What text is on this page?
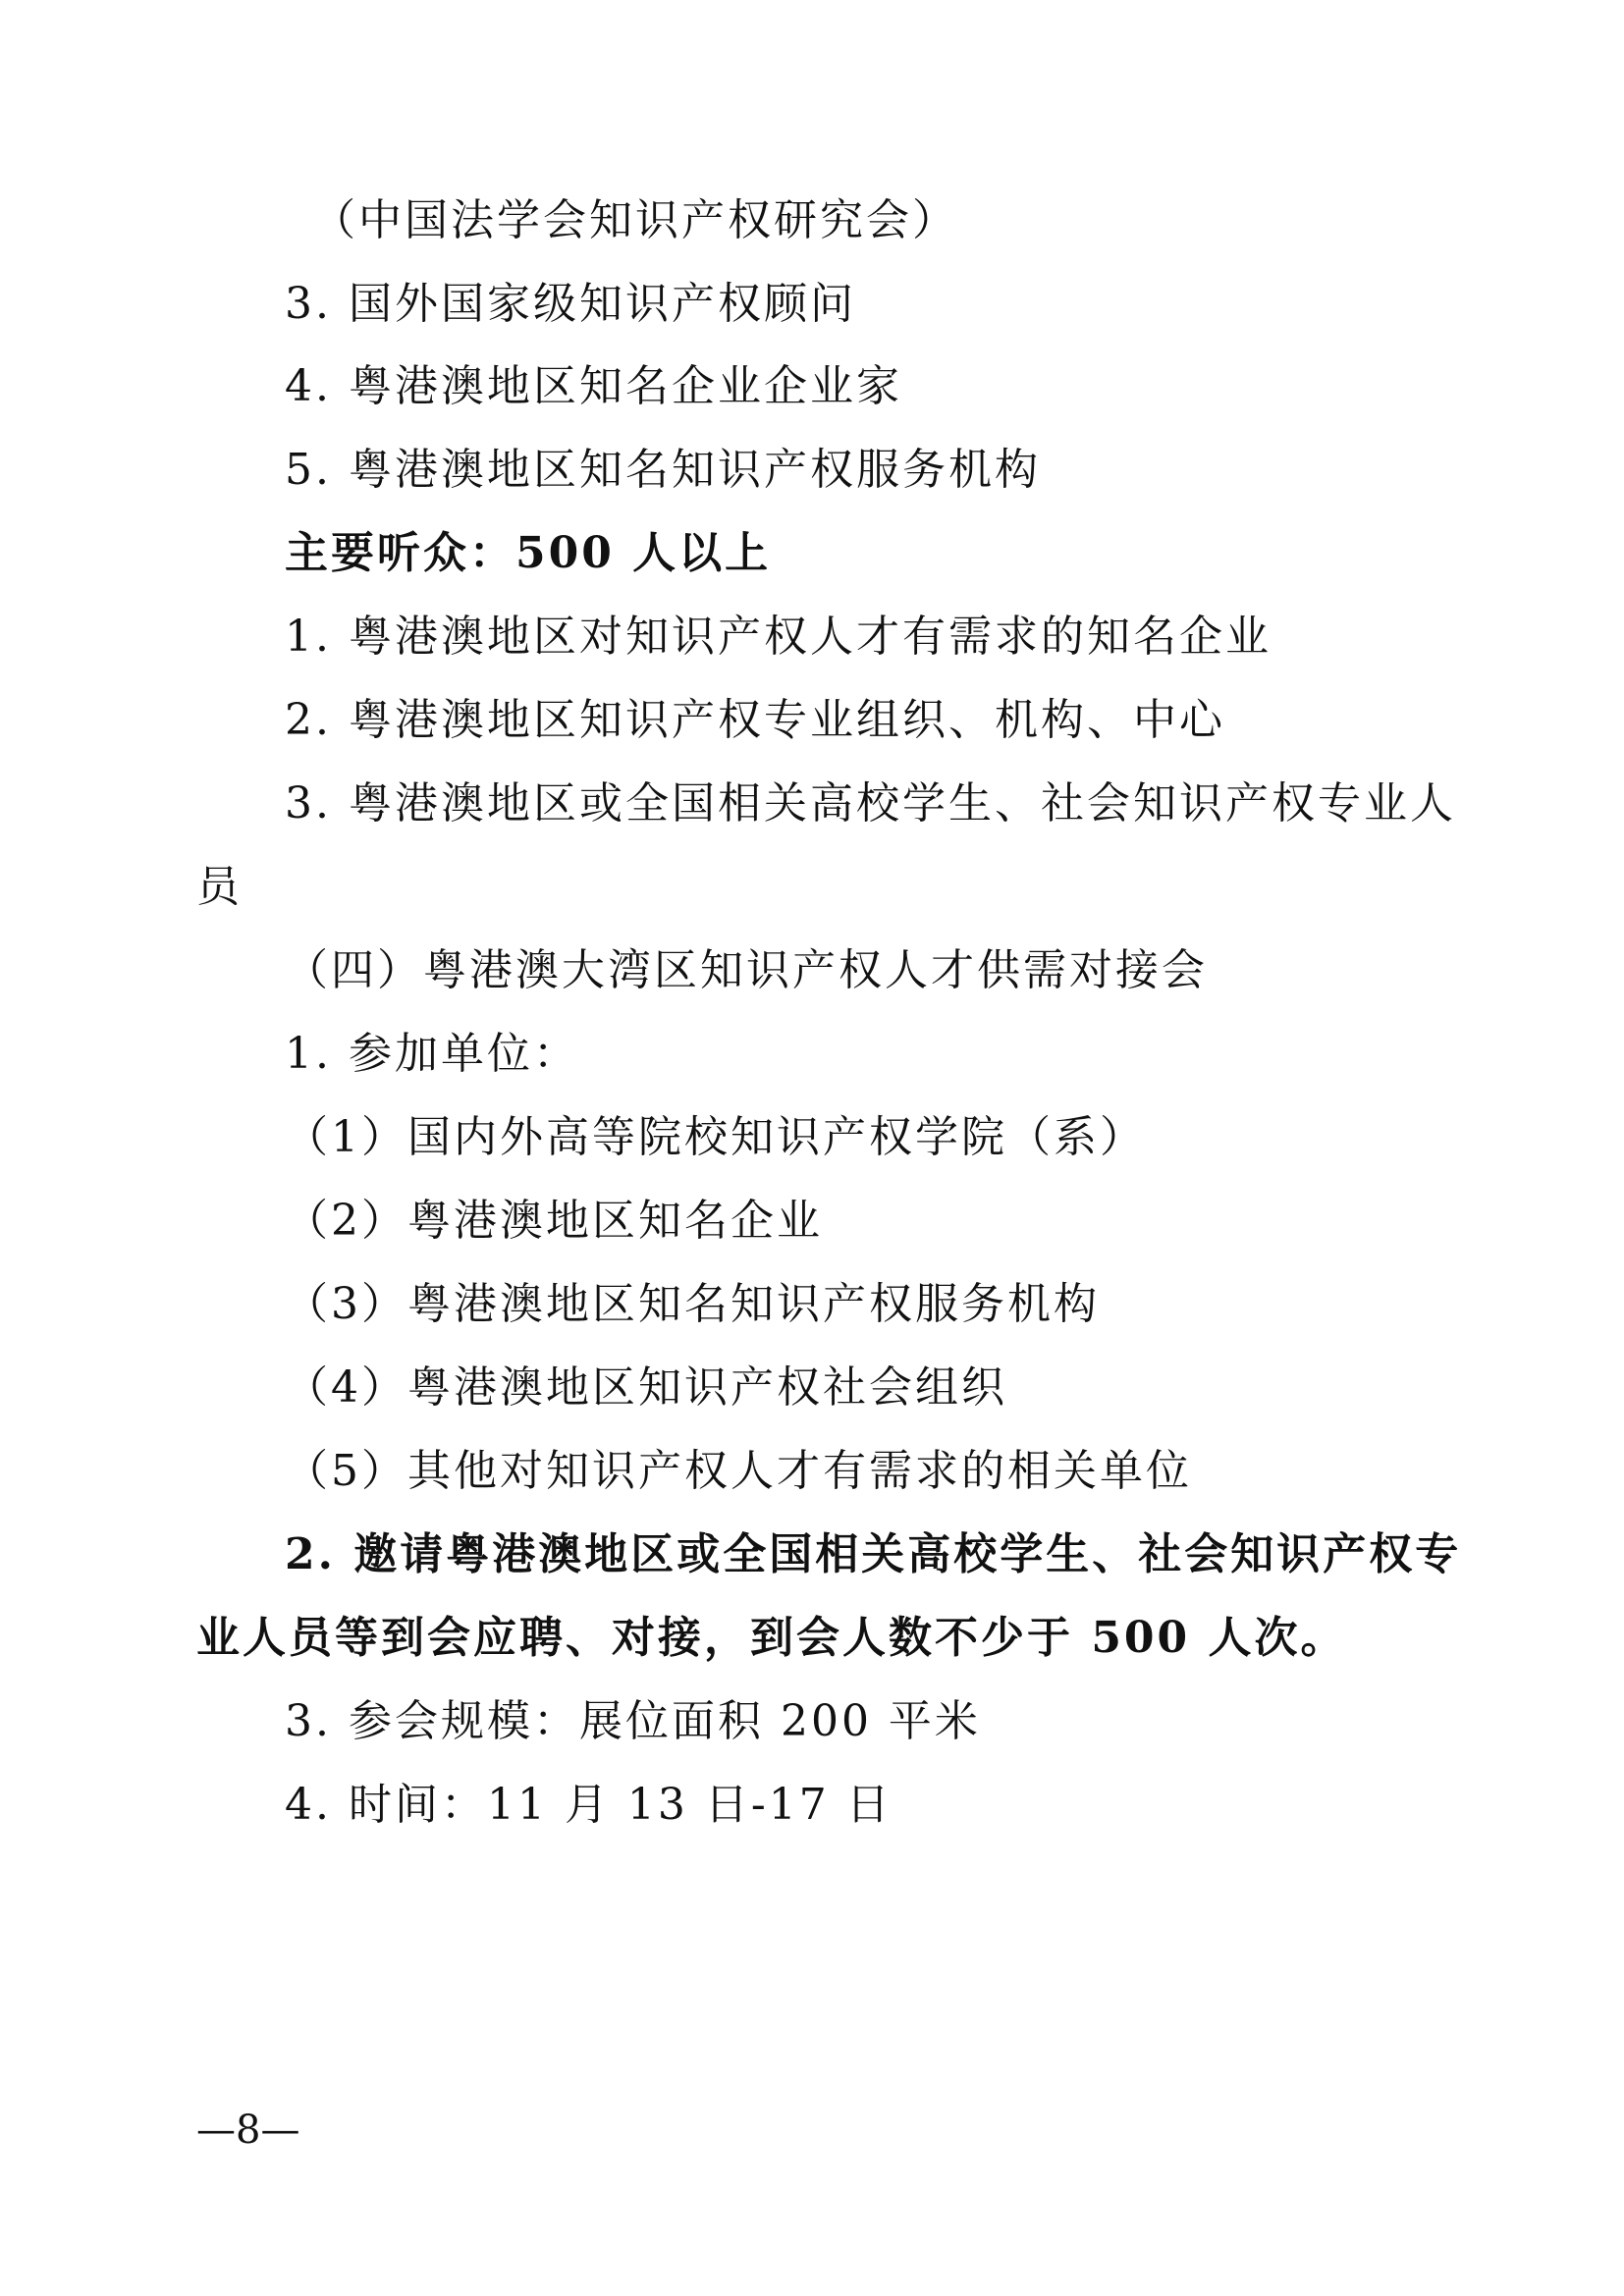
（中国法学会知识产权研究会）
3. 国外国家级知识产权顾问
4. 粤港澳地区知名企业企业家
5. 粤港澳地区知名知识产权服务机构
主要听众：500 人以上
1. 粤港澳地区对知识产权人才有需求的知名企业
2. 粤港澳地区知识产权专业组织、机构、中心
3. 粤港澳地区或全国相关高校学生、社会知识产权专业人
员
（四）粤港澳大湾区知识产权人才供需对接会
1. 参加单位：
（1）国内外高等院校知识产权学院（系）
（2）粤港澳地区知名企业
（3）粤港澳地区知名知识产权服务机构
（4）粤港澳地区知识产权社会组织
（5）其他对知识产权人才有需求的相关单位
2. 邀请粤港澳地区或全国相关高校学生、社会知识产权专
业人员等到会应聘、对接，到会人数不少于 500 人次。
3. 参会规模：展位面积 200 平米
4. 时间：11 月 13 日-17 日
—8—
